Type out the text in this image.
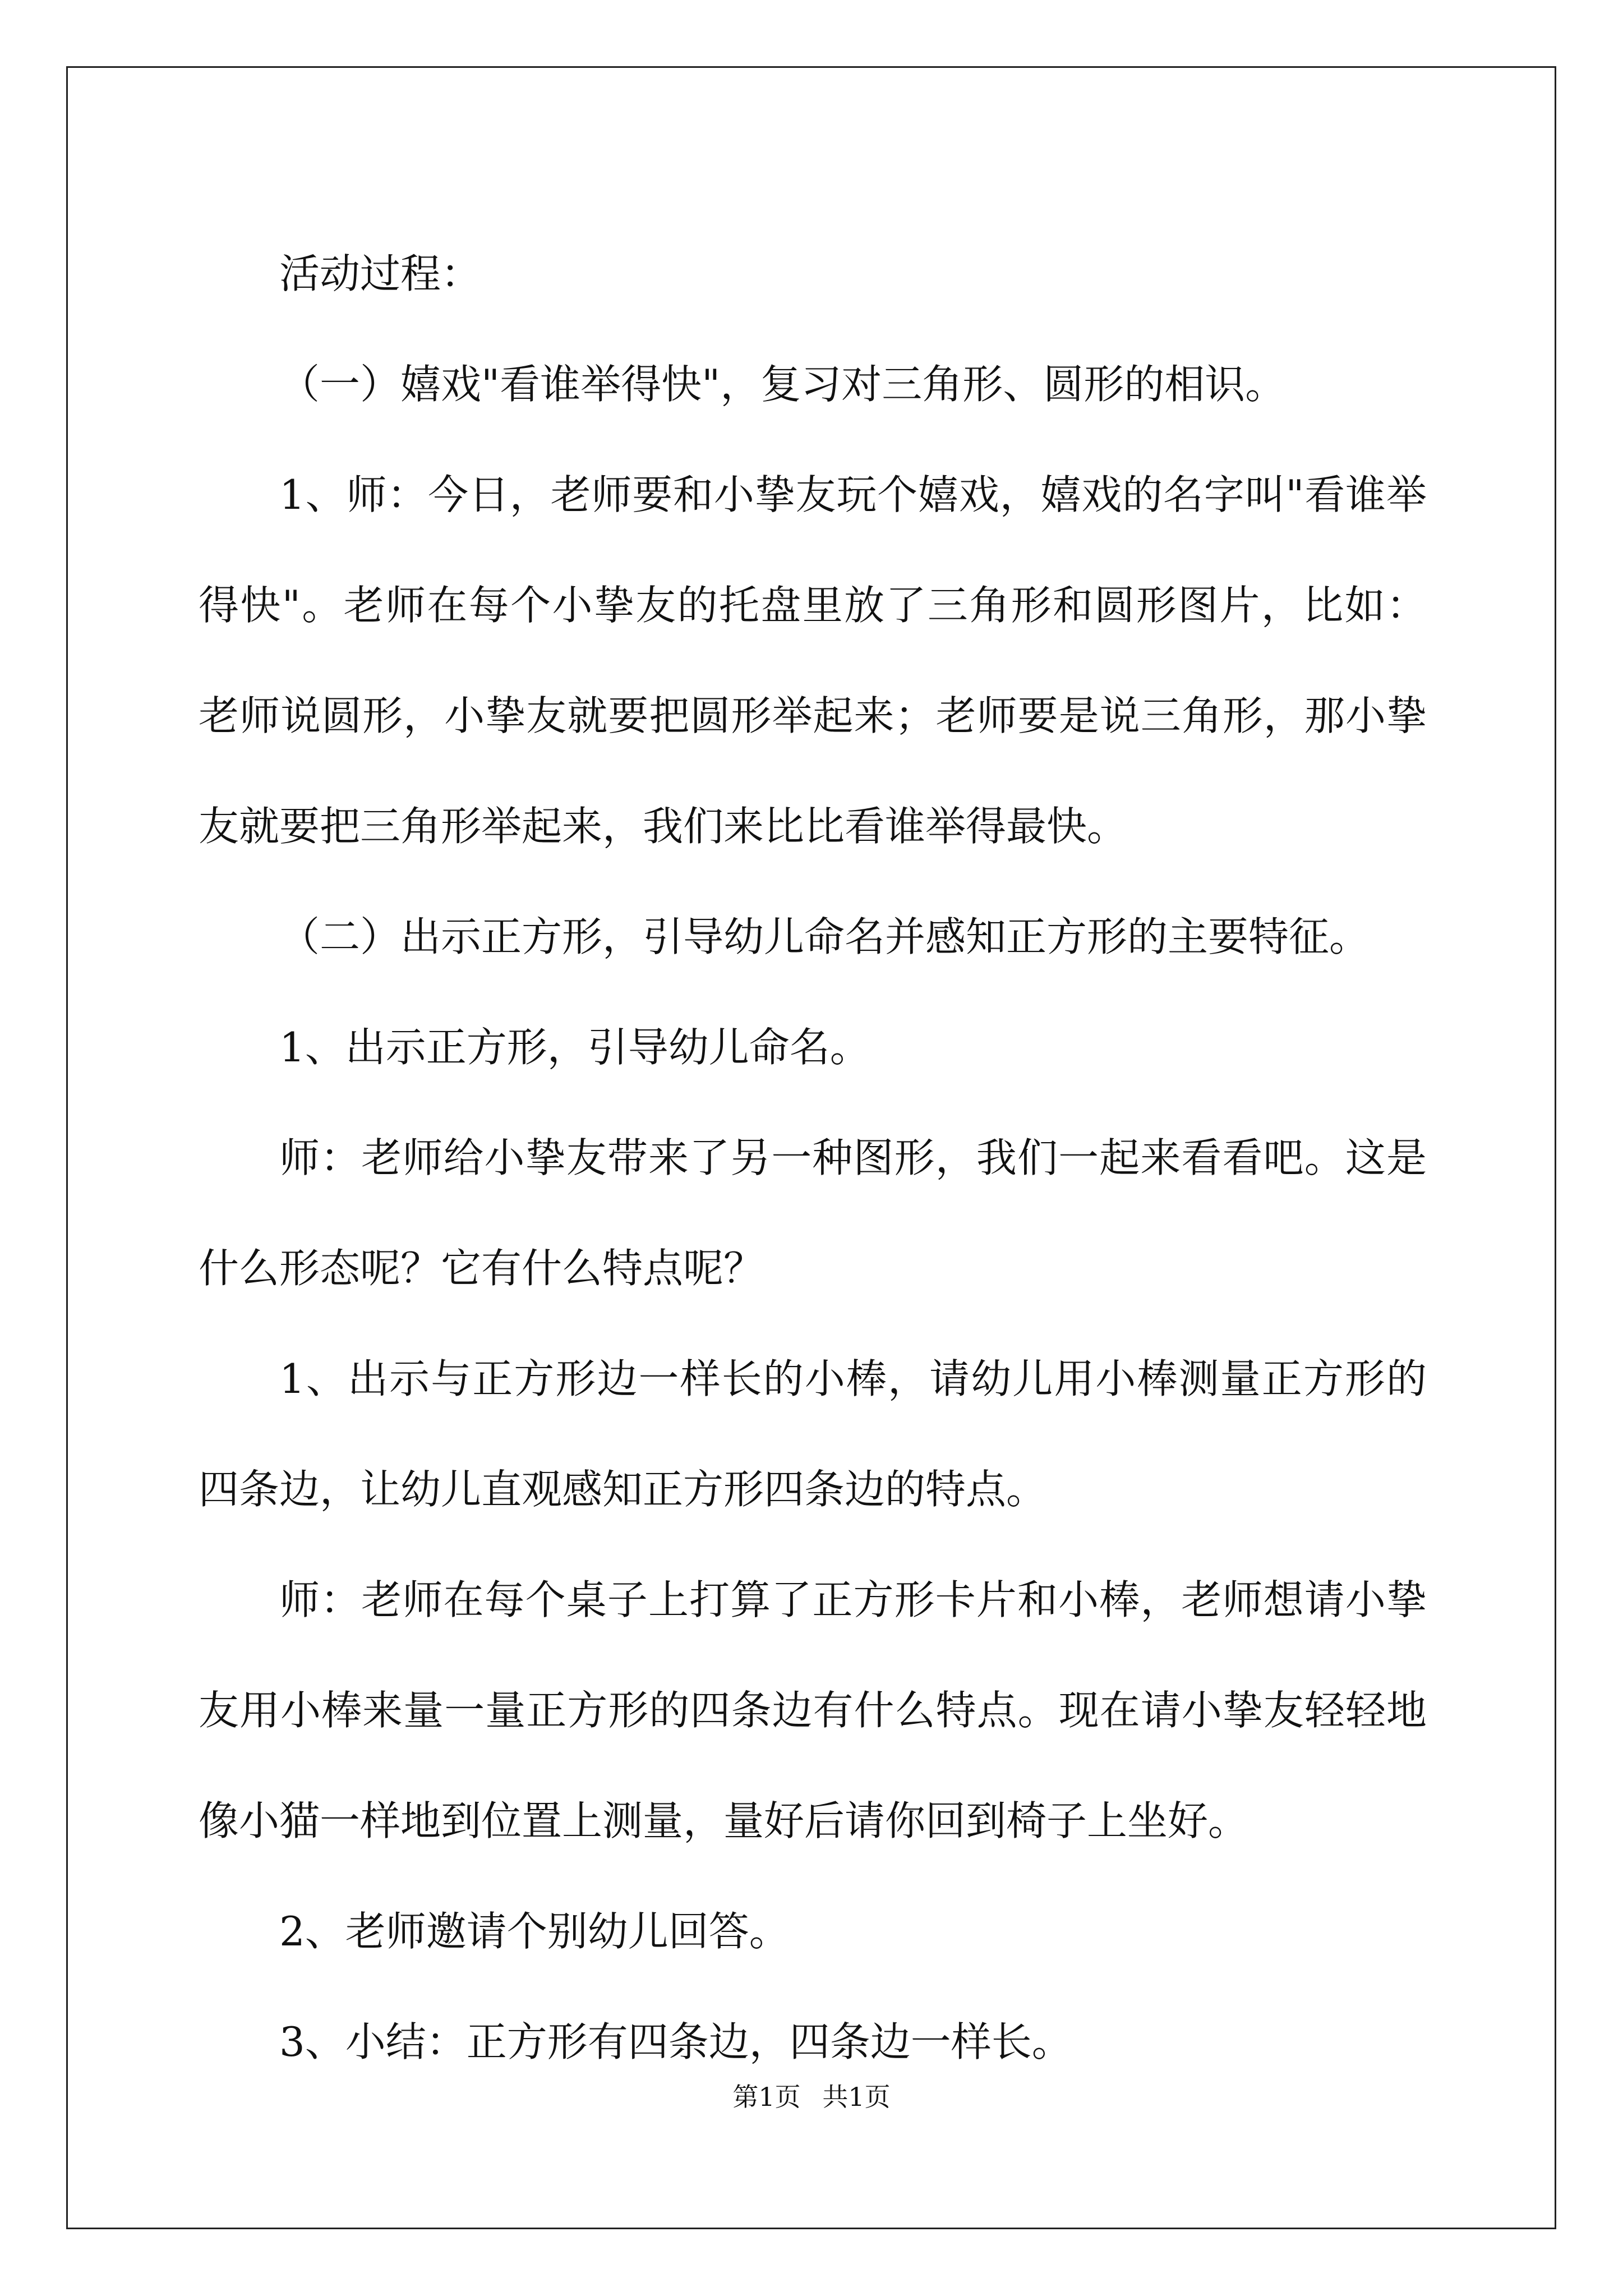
活动过程：

（一）嬉戏"看谁举得快"，复习对三角形、圆形的相识。

1、师：今日，老师要和小挚友玩个嬉戏，嬉戏的名字叫"看谁举得快"。老师在每个小挚友的托盘里放了三角形和圆形图片，比如：老师说圆形，小挚友就要把圆形举起来；老师要是说三角形，那小挚友就要把三角形举起来，我们来比比看谁举得最快。

（二）出示正方形，引导幼儿命名并感知正方形的主要特征。

1、出示正方形，引导幼儿命名。

师：老师给小挚友带来了另一种图形，我们一起来看看吧。这是什么形态呢？它有什么特点呢？

1、出示与正方形边一样长的小棒，请幼儿用小棒测量正方形的四条边，让幼儿直观感知正方形四条边的特点。

师：老师在每个桌子上打算了正方形卡片和小棒，老师想请小挚友用小棒来量一量正方形的四条边有什么特点。现在请小挚友轻轻地像小猫一样地到位置上测量，量好后请你回到椅子上坐好。

2、老师邀请个别幼儿回答。

3、小结：正方形有四条边，四条边一样长。

第1页 共1页
